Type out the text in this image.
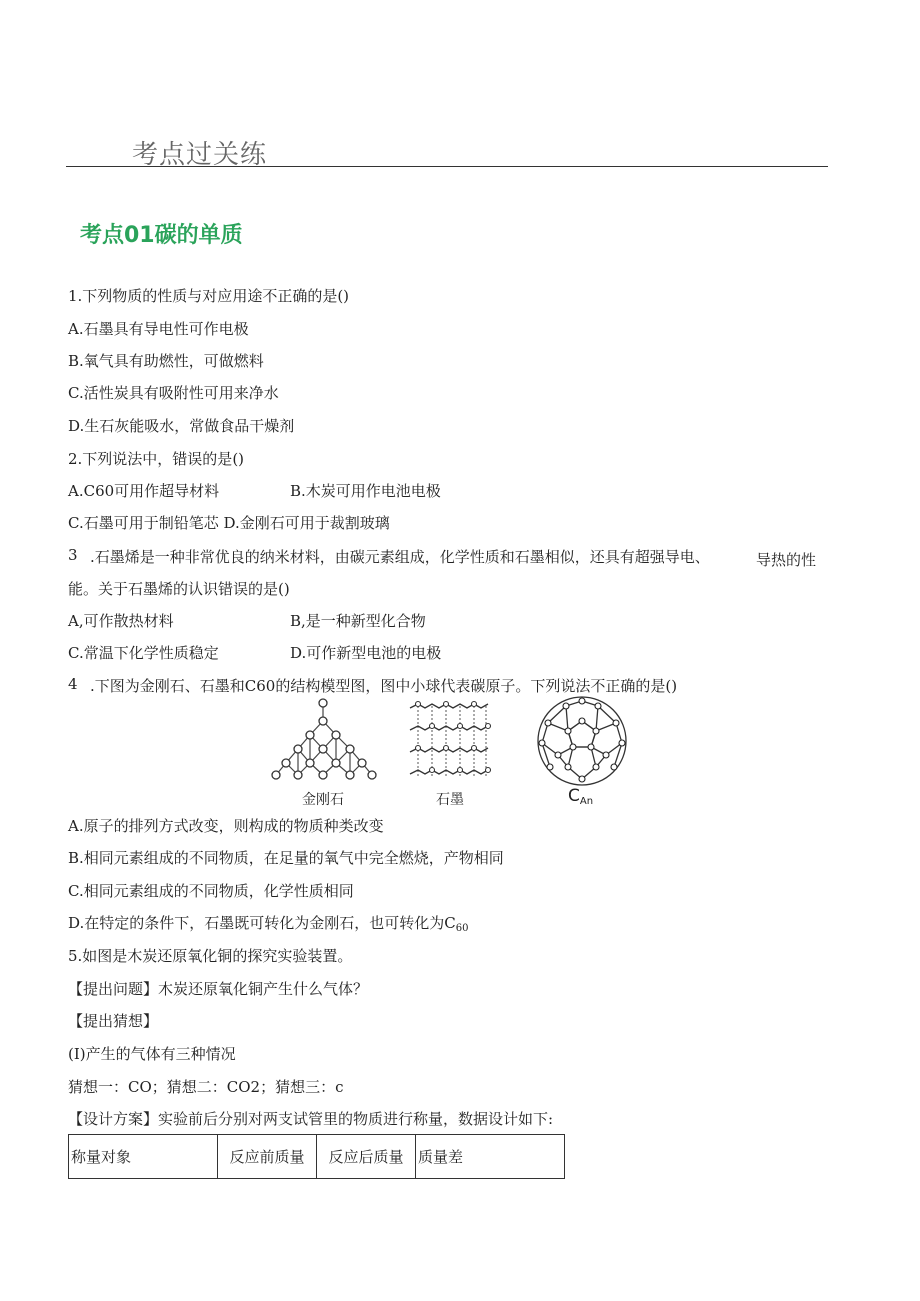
考点过关练
考点01碳的单质
1.下列物质的性质与对应用途不正确的是()
A.石墨具有导电性可作电极
B.氧气具有助燃性，可做燃料
C.活性炭具有吸附性可用来净水
D.生石灰能吸水，常做食品干燥剂
2.下列说法中，错误的是()
A.C60可用作超导材料	B.木炭可用作电池电极
C.石墨可用于制铅笔芯 D.金刚石可用于裁割玻璃
3 .石墨烯是一种非常优良的纳米材料，由碳元素组成，化学性质和石墨相似，还具有超强导电、	导热的性
能。关于石墨烯的认识错误的是()
A,可作散热材料	B,是一种新型化合物
C.常温下化学性质稳定	D.可作新型电池的电极
4 .下图为金刚石、石墨和C60的结构模型图，图中小球代表碳原子。下列说法不正确的是()
金刚石	石墨	CAn
A.原子的排列方式改变，则构成的物质种类改变
B.相同元素组成的不同物质，在足量的氧气中完全燃烧，产物相同
C.相同元素组成的不同物质，化学性质相同
D.在特定的条件下，石墨既可转化为金刚石，也可转化为$C_{60}$
5.如图是木炭还原氧化铜的探究实验装置。
【提出问题】木炭还原氧化铜产生什么气体？
【提出猜想】
(I)产生的气体有三种情况
猜想一：CO；猜想二：CO2；猜想三：c
【设计方案】实验前后分别对两支试管里的物质进行称量，数据设计如下:
称量对象	反应前质量	反应后质量	质量差
